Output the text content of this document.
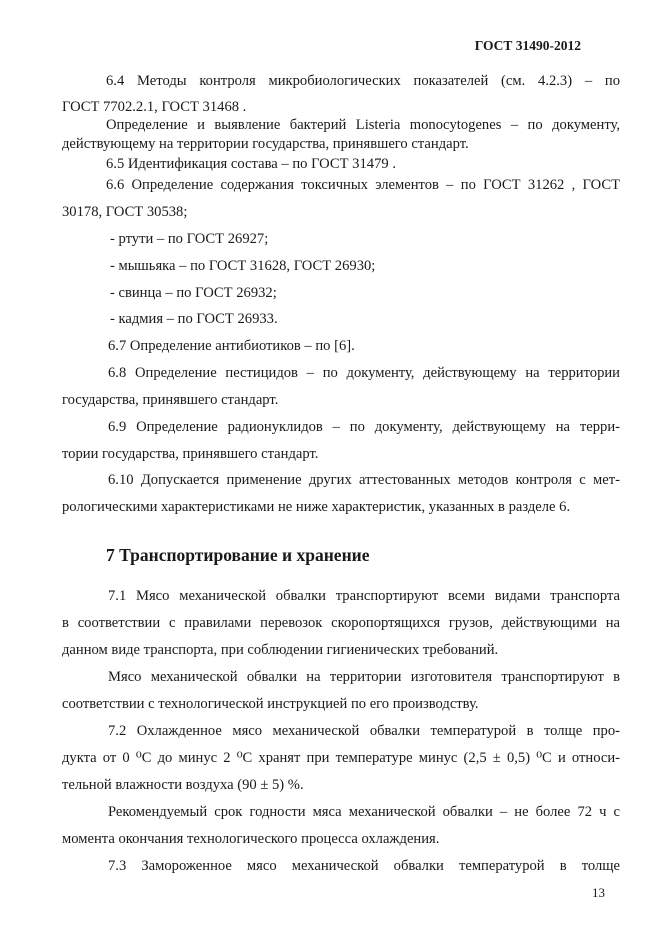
ГОСТ 31490-2012
6.4 Методы контроля микробиологических показателей (см. 4.2.3) – по
ГОСТ 7702.2.1, ГОСТ 31468 .
Определение и выявление бактерий Listeria monocytogenes – по документу,
действующему на территории государства, принявшего стандарт.
6.5 Идентификация состава – по ГОСТ 31479 .
6.6 Определение содержания токсичных элементов – по ГОСТ 31262 , ГОСТ
30178, ГОСТ 30538;
- ртути – по ГОСТ 26927;
- мышьяка – по ГОСТ 31628, ГОСТ 26930;
- свинца – по ГОСТ 26932;
- кадмия – по ГОСТ 26933.
6.7 Определение антибиотиков – по [6].
6.8 Определение пестицидов – по документу, действующему на территории
государства, принявшего стандарт.
6.9 Определение радионуклидов – по документу, действующему на терри-
тории государства, принявшего стандарт.
6.10 Допускается применение других аттестованных методов контроля с мет-
рологическими характеристиками не ниже характеристик, указанных в разделе 6.
7 Транспортирование и хранение
7.1 Мясо механической обвалки транспортируют всеми видами транспорта
в соответствии с правилами перевозок скоропортящихся грузов, действующими на
данном виде транспорта, при соблюдении гигиенических требований.
Мясо механической обвалки на территории изготовителя транспортируют в
соответствии с технологической инструкцией по его производству.
7.2 Охлажденное мясо механической обвалки температурой в толще про-
дукта от 0 ⁰С до минус 2 ⁰С хранят при температуре минус (2,5 ± 0,5) ⁰С и относи-
тельной влажности воздуха (90 ± 5) %.
Рекомендуемый срок годности мяса механической обвалки – не более 72 ч с
момента окончания технологического процесса охлаждения.
7.3 Замороженное мясо механической обвалки температурой в толще
13
